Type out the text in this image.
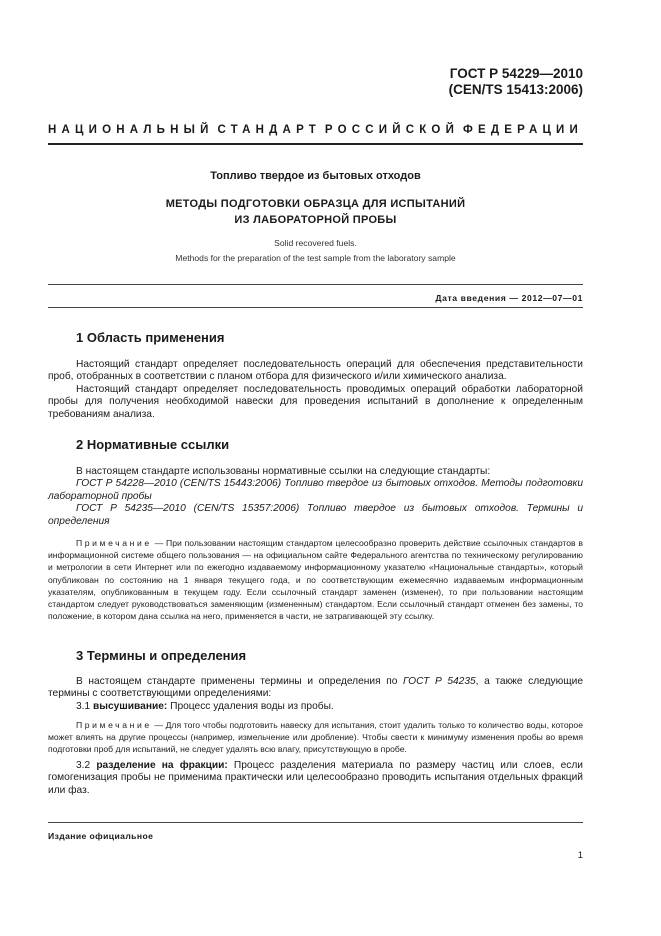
ГОСТ Р 54229—2010
(CEN/TS 15413:2006)
НАЦИОНАЛЬНЫЙ СТАНДАРТ РОССИЙСКОЙ ФЕДЕРАЦИИ
Топливо твердое из бытовых отходов
МЕТОДЫ ПОДГОТОВКИ ОБРАЗЦА ДЛЯ ИСПЫТАНИЙ
ИЗ ЛАБОРАТОРНОЙ ПРОБЫ
Solid recovered fuels.
Methods for the preparation of the test sample from the laboratory sample
Дата введения — 2012—07—01
1 Область применения

Настоящий стандарт определяет последовательность операций для обеспечения представительности проб, отобранных в соответствии с планом отбора для физического и/или химического анализа.

Настоящий стандарт определяет последовательность проводимых операций обработки лабораторной пробы для получения необходимой навески для проведения испытаний в дополнение к определенным требованиям анализа.

2 Нормативные ссылки

В настоящем стандарте использованы нормативные ссылки на следующие стандарты:

ГОСТ Р 54228—2010 (CEN/TS 15443:2006) Топливо твердое из бытовых отходов. Методы подготовки лабораторной пробы

ГОСТ Р 54235—2010 (CEN/TS 15357:2006) Топливо твердое из бытовых отходов. Термины и определения

Примечание — При пользовании настоящим стандартом целесообразно проверить действие ссылочных стандартов в информационной системе общего пользования — на официальном сайте Федерального агентства по техническому регулированию и метрологии в сети Интернет или по ежегодно издаваемому информационному указателю «Национальные стандарты», который опубликован по состоянию на 1 января текущего года, и по соответствующим ежемесячно издаваемым информационным указателям, опубликованным в текущем году. Если ссылочный стандарт заменен (изменен), то при пользовании настоящим стандартом следует руководствоваться заменяющим (измененным) стандартом. Если ссылочный стандарт отменен без замены, то положение, в котором дана ссылка на него, применяется в части, не затрагивающей эту ссылку.

3 Термины и определения

В настоящем стандарте применены термины и определения по ГОСТ Р 54235, а также следующие термины с соответствующими определениями:

3.1 высушивание: Процесс удаления воды из пробы.

Примечание — Для того чтобы подготовить навеску для испытания, стоит удалить только то количество воды, которое может влиять на другие процессы (например, измельчение или дробление). Чтобы свести к минимуму изменения пробы во время подготовки проб для испытаний, не следует удалять всю влагу, присутствующую в пробе.

3.2 разделение на фракции: Процесс разделения материала по размеру частиц или слоев, если гомогенизация пробы не применима практически или целесообразно проводить испытания отдельных фракций или фаз.

Издание официальное
1
